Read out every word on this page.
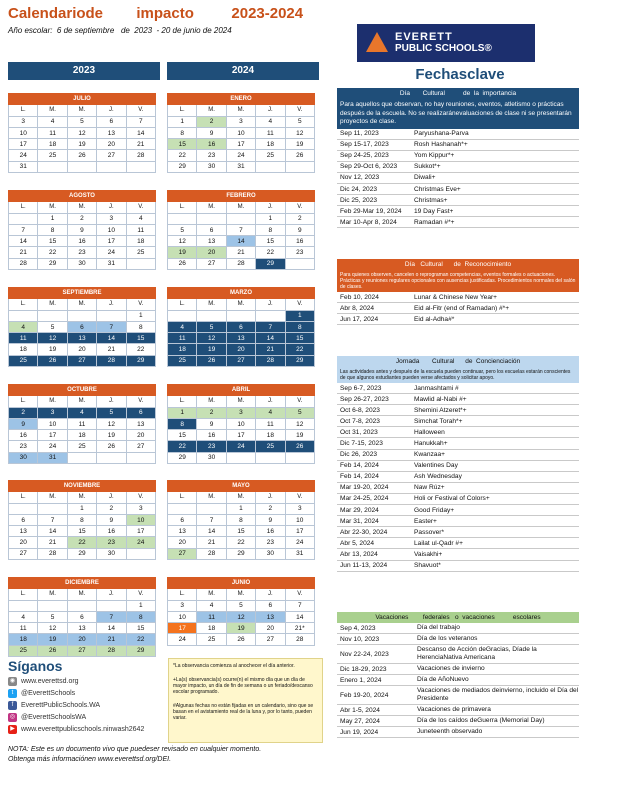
Calendariode        impacto         2023-2024
Año escolar:  6 de septiembre   de  2023  - 20 de junio de 2024
2023	2024
EVERETT
PUBLIC SCHOOLS®
Fechasclave
JULIO				
L.	M.	M.	J.	V.
3	4	5	6	7
10	11	12	13	14
17	18	19	20	21
24	25	26	27	28
31				
ENERO				
L.	M.	M.	J.	V.
1	2	3	4	5
8	9	10	11	12
15	16	17	18	19
22	23	24	25	26
29	30	31		
AGOSTO				
L.	M.	M.	J.	V.
	1	2	3	4
7	8	9	10	11
14	15	16	17	18
21	22	23	24	25
28	29	30	31	
FEBRERO				
L.	M.	M.	J.	V.
			1	2
5	6	7	8	9
12	13	14	15	16
19	20	21	22	23
26	27	28	29	
SEPTIEMBRE				
L.	M.	M.	J.	V.
				1
4	5	6	7	8
11	12	13	14	15
18	19	20	21	22
25	26	27	28	29
MARZO				
L.	M.	M.	J.	V.
				1
4	5	6	7	8
11	12	13	14	15
18	19	20	21	22
25	26	27	28	29
OCTUBRE				
L.	M.	M.	J.	V.
2	3	4	5	6
9	10	11	12	13
16	17	18	19	20
23	24	25	26	27
30	31			
ABRIL				
L.	M.	M.	J.	V.
1	2	3	4	5
8	9	10	11	12
15	16	17	18	19
22	23	24	25	26
29	30			
NOVIEMBRE				
L.	M.	M.	J.	V.
		1	2	3
6	7	8	9	10
13	14	15	16	17
20	21	22	23	24
27	28	29	30	
MAYO				
L.	M.	M.	J.	V.
		1	2	3
6	7	8	9	10
13	14	15	16	17
20	21	22	23	24
27	28	29	30	31
DICIEMBRE				
L.	M.	M.	J.	V.
				1
4	5	6	7	8
11	12	13	14	15
18	19	20	21	22
25	26	27	28	29
JUNIO				
L.	M.	M.	J.	V.
3	4	5	6	7
10	11	12	13	14
17	18	19	20	21*
24	25	26	27	28
Día       Cultural          de  la  importancia
Para aquellos que observan, no hay reuniones, eventos, atletismo o prácticas después de la escuela. No se realizaránevaluaciones de clase ni se presentarán proyectos de clase.
Sep 11, 2023	Paryushana-Parva
Sep 15-17, 2023	Rosh Hashanah*+
Sep 24-25, 2023	Yom Kippur*+
Sep 29-Oct 6, 2023	Sukkot*+
Nov 12, 2023	Diwali+
Dic 24, 2023	Christmas Eve+
Dic 25, 2023	Christmas+
Feb 29-Mar 19, 2024	19 Day Fast+
Mar 10-Apr 8, 2024	Ramadan #*+
Día   Cultural      de  Reconocimiento
Para quienes observen, cancelen o reprograman competencias, eventos formales o actuaciones. Prácticas y reuniones regulares opcionales con ausencias justificadas. Procedimientos normales del salón de clases.
Feb 10, 2024	Lunar & Chinese New Year+
Abr 8, 2024	Eid al-Fitr (end of Ramadan) #*+
Jun 17, 2024	Eid al-Adha#*
Jornada       Cultural      de  Concienciación
Las actividades antes y después de la escuela pueden continuar, pero los escuelas estarán conscientes de que algunos estudiantes pueden verse afectados y solicitar apoyo.
Sep 6-7, 2023	Janmashtami #
Sep 26-27, 2023	Mawlid al-Nabi #+
Oct 6-8, 2023	Shemini Atzeret*+
Oct 7-8, 2023	Simchat Torah*+
Oct 31, 2023	Halloween
Dic 7-15, 2023	Hanukkah+
Dic 26, 2023	Kwanzaa+
Feb 14, 2024	Valentines Day
Feb 14, 2024	Ash Wednesday
Mar 19-20, 2024	Naw Rúz+
Mar 24-25, 2024	Holi or Festival of Colors+
Mar 29, 2024	Good Friday+
Mar 31, 2024	Easter+
Abr 22-30, 2024	Passover*
Abr 5, 2024	Lailat ul-Qadr #+
Abr 13, 2024	Vaisakhi+
Jun 11-13, 2024	Shavuot*
Vacaciones        federales   o  vacaciones          escolares
Sep 4, 2023	Día del trabajo
Nov 10, 2023	Día de los veteranos
Nov 22-24, 2023
Descanso de Acción deGracias, Díade la HerenciaNativa Americana
Dic 18-29, 2023	Vacaciones de invierno
Enero 1, 2024	Día de AñoNuevo
Feb 19-20, 2024
Vacaciones de mediados deinvierno, incluido el Día del Presidente
Abr 1-5, 2024	Vacaciones de primavera
May 27, 2024	Día de los caídos deGuerra (Memorial Day)
Jun 19, 2024	Juneteenth observado
Síganos
◉ www.everettsd.org
t	@EverettSchools
f	EverettPublicSchools.WA
◎ @EverettSchoolsWA
▶ www.everettpublicschools.ninwash2642

*La observancia comienza al anochecer el día anterior.

+La(s) observancia(s) ocurre(n) el mismo día que un día de mayor impacto, un día de fin de semana o un feriado/descanso escolar programado.

#Algunas fechas no están fijadas en un calendario, sino que se basan en el avistamiento real de la luna y, por lo tanto, pueden variar.

NOTA: Este es un documento vivo que puedeser revisado en cualquier momento.
Obtenga más informaciónen www.everettsd.org/DEI.
